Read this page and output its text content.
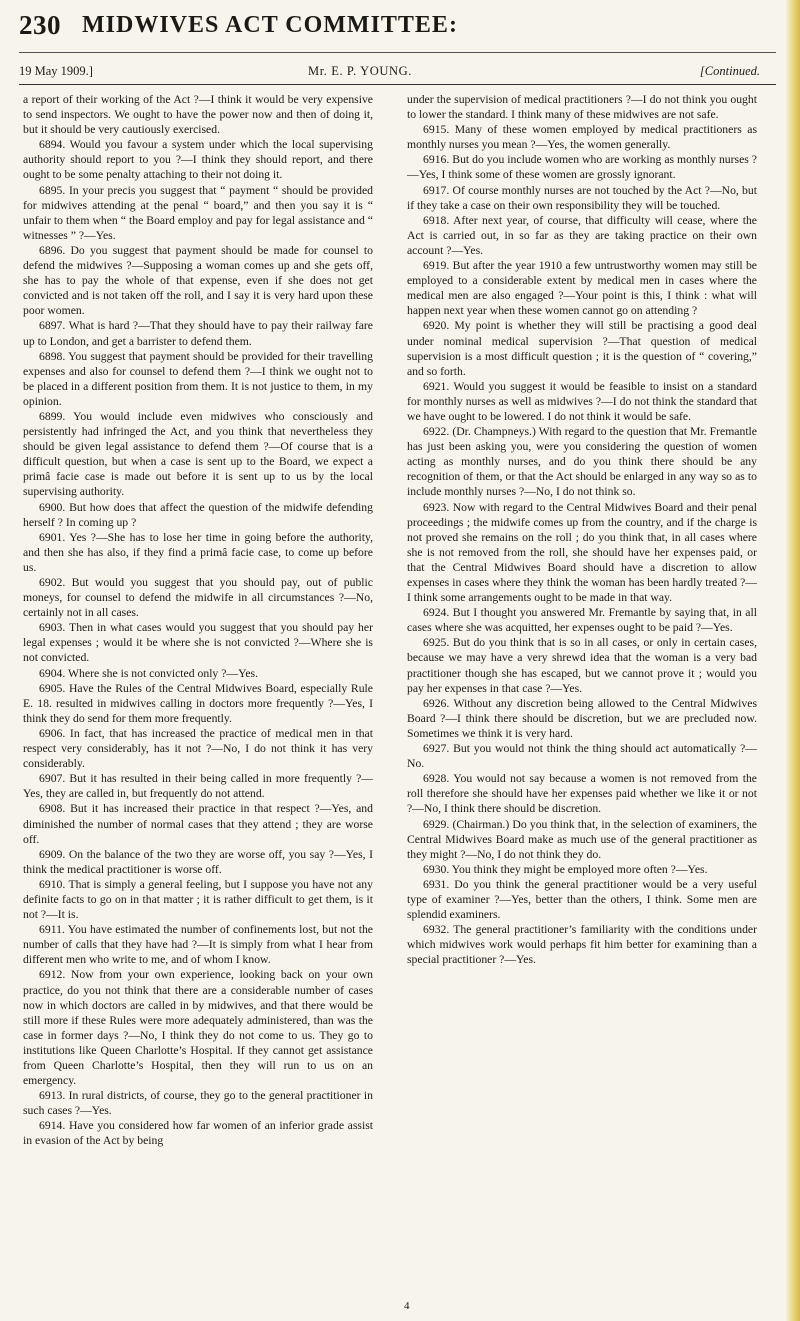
230 MIDWIVES ACT COMMITTEE:
19 May 1909.]	Mr. E. P. YOUNG.	[Continued.

a report of their working of the Act ?—I think it would be very expensive to send inspectors. We ought to have the power now and then of doing it, but it should be very cautiously exercised.

6894. Would you favour a system under which the local supervising authority should report to you ?—I think they should report, and there ought to be some penalty attaching to their not doing it.

6895. In your precis you suggest that “ payment “ should be provided for midwives attending at the penal “ board,” and then you say it is “ unfair to them when “ the Board employ and pay for legal assistance and “ witnesses ” ?—Yes.

6896. Do you suggest that payment should be made for counsel to defend the midwives ?—Supposing a woman comes up and she gets off, she has to pay the whole of that expense, even if she does not get convicted and is not taken off the roll, and I say it is very hard upon these poor women.

6897. What is hard ?—That they should have to pay their railway fare up to London, and get a barrister to defend them.

6898. You suggest that payment should be provided for their travelling expenses and also for counsel to defend them ?—I think we ought not to be placed in a different position from them. It is not justice to them, in my opinion.

6899. You would include even midwives who consciously and persistently had infringed the Act, and you think that nevertheless they should be given legal assistance to defend them ?—Of course that is a difficult question, but when a case is sent up to the Board, we expect a primâ facie case is made out before it is sent up to us by the local supervising authority.

6900. But how does that affect the question of the midwife defending herself ? In coming up ?

6901. Yes ?—She has to lose her time in going before the authority, and then she has also, if they find a primâ facie case, to come up before us.

6902. But would you suggest that you should pay, out of public moneys, for counsel to defend the midwife in all circumstances ?—No, certainly not in all cases.

6903. Then in what cases would you suggest that you should pay her legal expenses ; would it be where she is not convicted ?—Where she is not convicted.

6904. Where she is not convicted only ?—Yes.

6905. Have the Rules of the Central Midwives Board, especially Rule E. 18. resulted in midwives calling in doctors more frequently ?—Yes, I think they do send for them more frequently.

6906. In fact, that has increased the practice of medical men in that respect very considerably, has it not ?—No, I do not think it has very considerably.

6907. But it has resulted in their being called in more frequently ?—Yes, they are called in, but frequently do not attend.

6908. But it has increased their practice in that respect ?—Yes, and diminished the number of normal cases that they attend ; they are worse off.

6909. On the balance of the two they are worse off, you say ?—Yes, I think the medical practitioner is worse off.

6910. That is simply a general feeling, but I suppose you have not any definite facts to go on in that matter ; it is rather difficult to get them, is it not ?—It is.

6911. You have estimated the number of confinements lost, but not the number of calls that they have had ?—It is simply from what I hear from different men who write to me, and of whom I know.

6912. Now from your own experience, looking back on your own practice, do you not think that there are a considerable number of cases now in which doctors are called in by midwives, and that there would be still more if these Rules were more adequately administered, than was the case in former days ?—No, I think they do not come to us. They go to institutions like Queen Charlotte’s Hospital. If they cannot get assistance from Queen Charlotte’s Hospital, then they will run to us on an emergency.

6913. In rural districts, of course, they go to the general practitioner in such cases ?—Yes.

6914. Have you considered how far women of an inferior grade assist in evasion of the Act by being

under the supervision of medical practitioners ?—I do not think you ought to lower the standard. I think many of these midwives are not safe.

6915. Many of these women employed by medical practitioners as monthly nurses you mean ?—Yes, the women generally.

6916. But do you include women who are working as monthly nurses ?—Yes, I think some of these women are grossly ignorant.

6917. Of course monthly nurses are not touched by the Act ?—No, but if they take a case on their own responsibility they will be touched.

6918. After next year, of course, that difficulty will cease, where the Act is carried out, in so far as they are taking practice on their own account ?—Yes.

6919. But after the year 1910 a few untrustworthy women may still be employed to a considerable extent by medical men in cases where the medical men are also engaged ?—Your point is this, I think : what will happen next year when these women cannot go on attending ?

6920. My point is whether they will still be practising a good deal under nominal medical supervision ?—That question of medical supervision is a most difficult question ; it is the question of “ covering,” and so forth.

6921. Would you suggest it would be feasible to insist on a standard for monthly nurses as well as midwives ?—I do not think the standard that we have ought to be lowered. I do not think it would be safe.

6922. (Dr. Champneys.) With regard to the question that Mr. Fremantle has just been asking you, were you considering the question of women acting as monthly nurses, and do you think there should be any recognition of them, or that the Act should be enlarged in any way so as to include monthly nurses ?—No, I do not think so.

6923. Now with regard to the Central Midwives Board and their penal proceedings ; the midwife comes up from the country, and if the charge is not proved she remains on the roll ; do you think that, in all cases where she is not removed from the roll, she should have her expenses paid, or that the Central Midwives Board should have a discretion to allow expenses in cases where they think the woman has been hardly treated ?—I think some arrangements ought to be made in that way.

6924. But I thought you answered Mr. Fremantle by saying that, in all cases where she was acquitted, her expenses ought to be paid ?—Yes.

6925. But do you think that is so in all cases, or only in certain cases, because we may have a very shrewd idea that the woman is a very bad practitioner though she has escaped, but we cannot prove it ; would you pay her expenses in that case ?—Yes.

6926. Without any discretion being allowed to the Central Midwives Board ?—I think there should be discretion, but we are precluded now. Sometimes we think it is very hard.

6927. But you would not think the thing should act automatically ?—No.

6928. You would not say because a women is not removed from the roll therefore she should have her expenses paid whether we like it or not ?—No, I think there should be discretion.

6929. (Chairman.) Do you think that, in the selection of examiners, the Central Midwives Board make as much use of the general practitioner as they might ?—No, I do not think they do.

6930. You think they might be employed more often ?—Yes.

6931. Do you think the general practitioner would be a very useful type of examiner ?—Yes, better than the others, I think. Some men are splendid examiners.

6932. The general practitioner’s familiarity with the conditions under which midwives work would perhaps fit him better for examining than a special practitioner ?—Yes.

4
